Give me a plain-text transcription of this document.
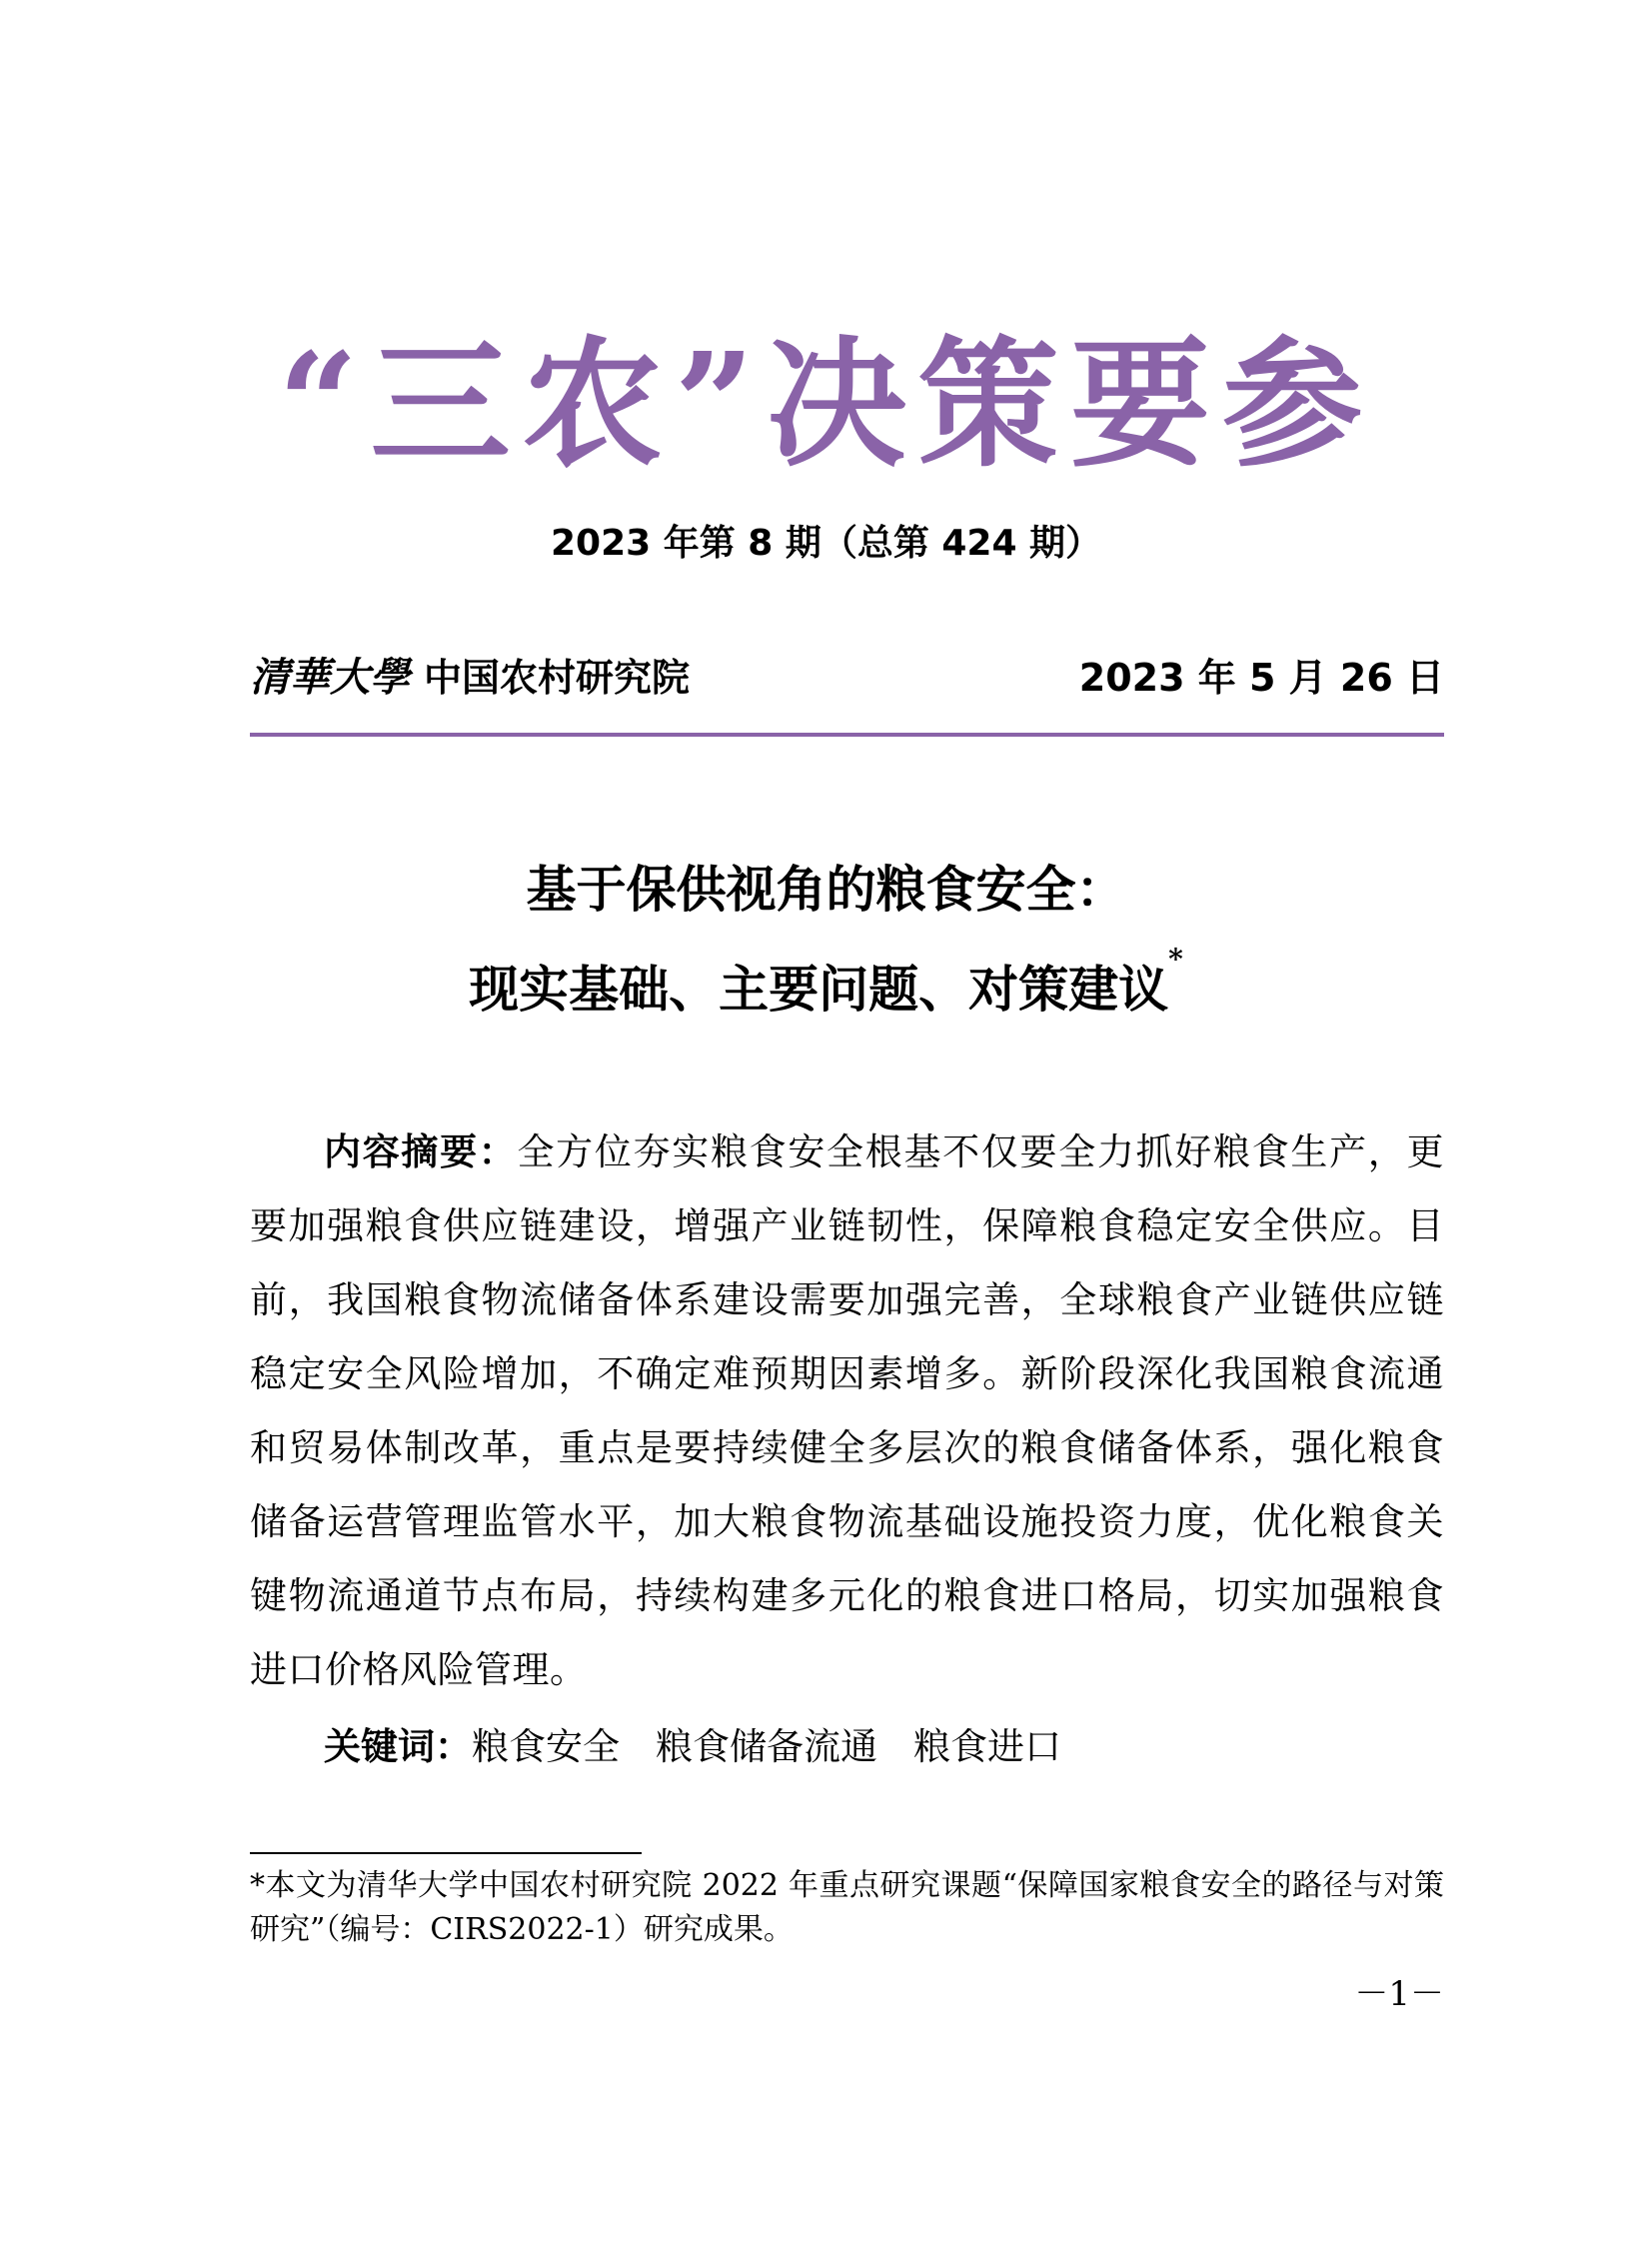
“三农”决策要参
2023 年第 8 期（总第 424 期）
清華大學 中国农村研究院	2023 年 5 月 26 日
基于保供视角的粮食安全：
现实基础、主要问题、对策建议*
内容摘要：全方位夯实粮食安全根基不仅要全力抓好粮食生产，更要加强粮食供应链建设，增强产业链韧性，保障粮食稳定安全供应。目前，我国粮食物流储备体系建设需要加强完善，全球粮食产业链供应链稳定安全风险增加，不确定难预期因素增多。新阶段深化我国粮食流通和贸易体制改革，重点是要持续健全多层次的粮食储备体系，强化粮食储备运营管理监管水平，加大粮食物流基础设施投资力度，优化粮食关键物流通道节点布局，持续构建多元化的粮食进口格局，切实加强粮食进口价格风险管理。
关键词：粮食安全 粮食储备流通 粮食进口
*本文为清华大学中国农村研究院 2022 年重点研究课题“保障国家粮食安全的路径与对策研究”（编号：CIRS2022-1）研究成果。
－1－
